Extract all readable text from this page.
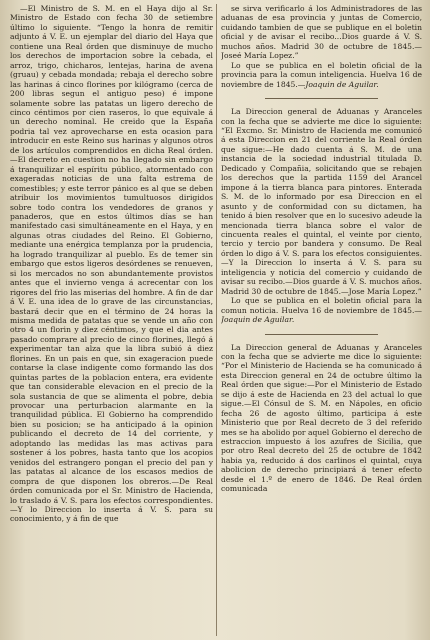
—El Ministro de S. M. en el Haya dijo al Sr. Ministro de Estado con fecha 30 de setiembre último lo siguiente. “Tengo la honra de remitir adjunto á V. E. un ejemplar del diario del Haya que contiene una Real órden que disminuye de mucho los derechos de importacion sobre la cebada, el arroz, trigo, chicharos, lentejas, harina de avena (gruau) y cebada mondada; rebaja el derecho sobre las harinas á cinco florines por kilógramo (cerca de 200 libras segun el antiguo peso) é impone solamente sobre las patatas un ligero derecho de cinco céntimos por cien raseros, lo que equivale á un derecho nominal. He creido que la España podria tal vez aprovecharse en esta ocasion para introducir en este Reino sus harinas y algunos otros de los artículos comprendidos en dicha Real órden.—El decreto en cuestion no ha llegado sin embargo á tranquilizar el espíritu público, atormentado con exageradas noticias de una falta estrema de comestibles; y este terror pánico es al que se deben atribuir los movimientos tumultuosos dirigidos sobre todo contra los vendedores de granos y panaderos, que en estos últimos días se han manifestado casi simultáneamente en el Haya, y en algunas otras ciudades del Reino. El Gobierno, mediante una enérgica templanza por la prudencia, ha logrado tranquilizar al pueblo. Es de temer sin embargo que estos ligeros desórdenes se renueven, si los mercados no son abundantemente provistos antes que el invierno venga á acrecentar con los rigores del frio las miserias del hombre. A fin de dar á V. E. una idea de lo grave de las circunstancias, bastará decir que en el término de 24 horas la misma medida de patatas que se vende un año con otro 4 un florin y diez céntimos, y que el dia antes pasado comprare al precio de cinco florines, llegó á experimentar tan alza que la libra subió á diez florines. En un pais en que, sin exageracion puede contarse la clase indigente como formando las dos quintas partes de la poblacion entera, era evidente que tan considerable elevacion en el precio de la sola sustancia de que se alimenta el pobre, debia provocar una perturbacion alarmante en la tranquilidad pública. El Gobierno ha comprendido bien su posicion; se ha anticipado á la opinion publicando el decreto de 14 del corriente, y adoptando las medidas las mas activas para sostener á los pobres, hasta tanto que los acopios venidos del estrangero pongan el precio del pan y las patatas al alcance de los escasos medios de compra de que disponen los obreros.—De Real órden comunicada por el Sr. Ministro de Hacienda, lo traslado á V. S. para los efectos correspondientes.—Y lo Direccion lo inserta á V. S. para su conocimiento, y á fin de que

se sirva verificarlo á los Administradores de las aduanas de esa provincia y juntas de Comercio, cuidando tambien de que se publique en el boletin oficial y de avisar el recibo...Dios guarde á V. S. muchos años. Madrid 30 de octubre de 1845.—Joseé María Lopez.”

Lo que se publica en el boletin oficial de la provincia para la comun inteligencia. Huelva 16 de noviembre de 1845.—Joaquin de Aguilar.

La Direccion general de Aduanas y Aranceles con la fecha que se advierte me dice lo siguiente: “El Excmo. Sr. Ministro de Hacienda me comunicó á esta Direccion en 21 del corriente la Real órden que sigue:—He dado cuenta á S. M. de una instancia de la sociedad industrial titulada D. Dedicado y Compañia, solicitando que se rebajen los derechos que la partida 1159 del Arancel impone á la tierra blanca para pintores. Enterada S. M. de lo informado por esa Direccion en el asunto y de conformidad con su dictamen, ha tenido á bien resolver que en lo sucesivo adeude la mencionada tierra blanca sobre el valor de cincuenta reales el quintal, el veinte por ciento, tercio y tercio por bandera y consumo. De Real órden lo digo á V. S. para los efectos consiguientes.—Y la Direccion lo inserta á V. S. para su inteligencia y noticia del comercio y cuidando de avisar su recibo.—Dios guarde á V. S. muchos años. Madrid 30 de octubre de 1845.—Jose María Lopez.”

Lo que se publica en el boletin oficial para la comun noticia. Huelva 16 de noviembre de 1845.—Joaquin de Aguilar.

La Direccion general de Aduanas y Aranceles con la fecha que se advierte me dice lo siguiente: “Por el Ministerio de Hacienda se ha comunicado á esta Direccion general en 24 de octubre último la Real órden que sigue:—Por el Ministerio de Estado se dijo á este de Hacienda en 23 del actual lo que sigue.—El Cónsul de S. M. en Nápoles, en oficio fecha 26 de agosto último, participa á este Ministerio que por Real decreto de 3 del referido mes se ha abolido por aquel Gobierno el derecho de estraccion impuesto á los azufres de Sicilia, que por otro Real decreto del 25 de octubre de 1842 habia ya, reducido á dos carlinos el quintal, cuya abolicion de derecho principiará á tener efecto desde el 1.º de enero de 1846. De Real órden comunicada
